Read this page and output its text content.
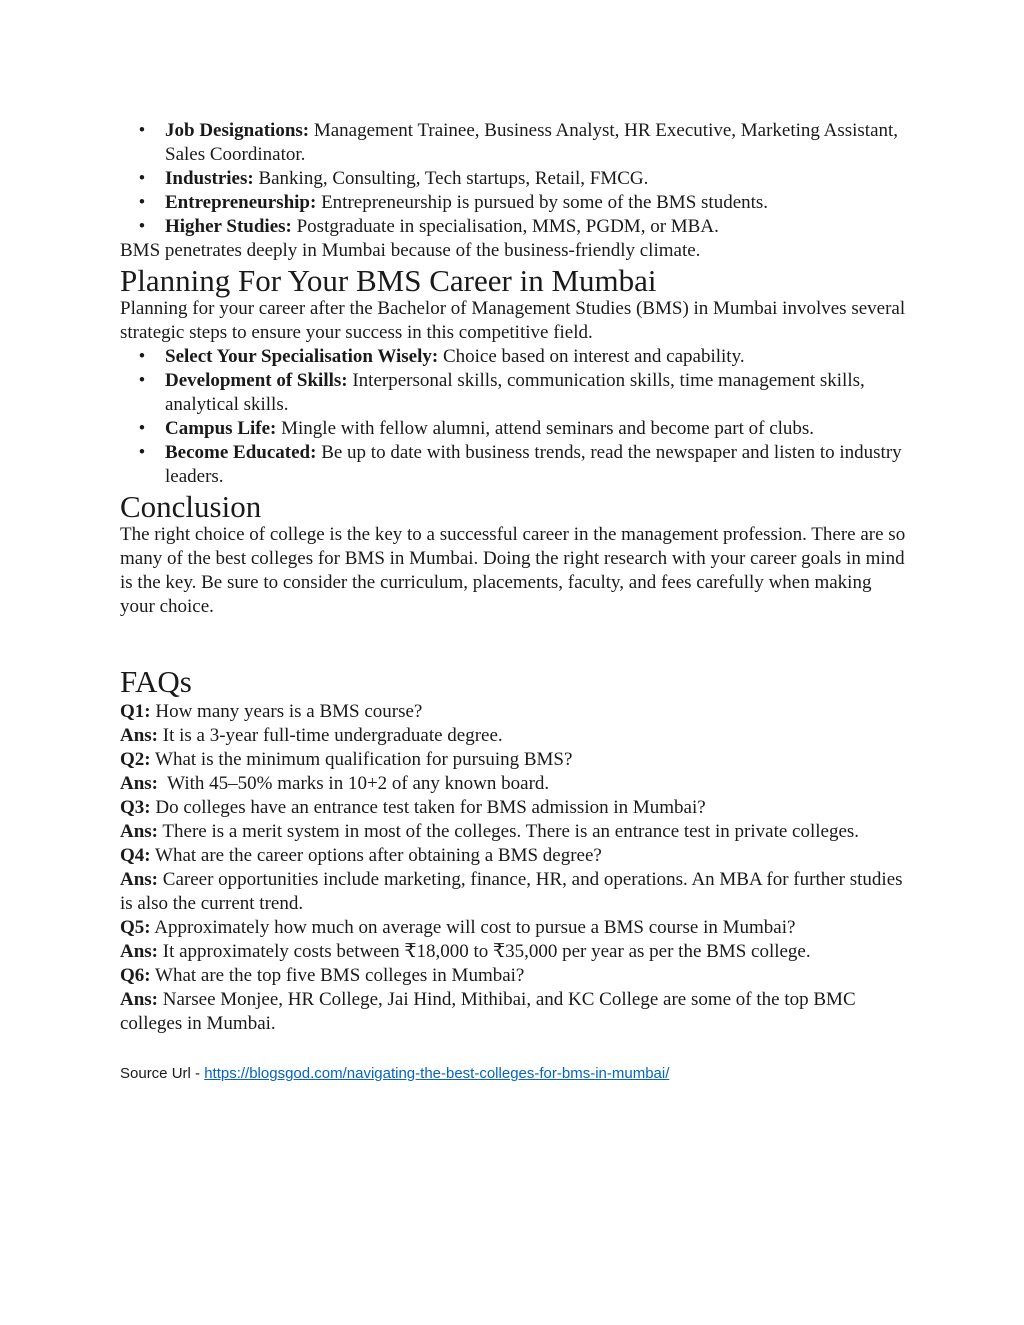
• Job Designations: Management Trainee, Business Analyst, HR Executive, Marketing Assistant, Sales Coordinator.
• Industries: Banking, Consulting, Tech startups, Retail, FMCG.
• Entrepreneurship: Entrepreneurship is pursued by some of the BMS students.
• Higher Studies: Postgraduate in specialisation, MMS, PGDM, or MBA.

BMS penetrates deeply in Mumbai because of the business-friendly climate.

Planning For Your BMS Career in Mumbai

Planning for your career after the Bachelor of Management Studies (BMS) in Mumbai involves several strategic steps to ensure your success in this competitive field.

• Select Your Specialisation Wisely: Choice based on interest and capability.
• Development of Skills: Interpersonal skills, communication skills, time management skills, analytical skills.
• Campus Life: Mingle with fellow alumni, attend seminars and become part of clubs.
• Become Educated: Be up to date with business trends, read the newspaper and listen to industry leaders.
Conclusion

The right choice of college is the key to a successful career in the management profession. There are so many of the best colleges for BMS in Mumbai. Doing the right research with your career goals in mind is the key. Be sure to consider the curriculum, placements, faculty, and fees carefully when making your choice.

FAQs

Q1: How many years is a BMS course?

Ans: It is a 3-year full-time undergraduate degree.

Q2: What is the minimum qualification for pursuing BMS?

Ans:  With 45–50% marks in 10+2 of any known board.

Q3: Do colleges have an entrance test taken for BMS admission in Mumbai?

Ans: There is a merit system in most of the colleges. There is an entrance test in private colleges.

Q4: What are the career options after obtaining a BMS degree?

Ans: Career opportunities include marketing, finance, HR, and operations. An MBA for further studies is also the current trend.

Q5: Approximately how much on average will cost to pursue a BMS course in Mumbai?

Ans: It approximately costs between ₹18,000 to ₹35,000 per year as per the BMS college.

Q6: What are the top five BMS colleges in Mumbai?

Ans: Narsee Monjee, HR College, Jai Hind, Mithibai, and KC College are some of the top BMC colleges in Mumbai.

Source Url - https://blogsgod.com/navigating-the-best-colleges-for-bms-in-mumbai/
